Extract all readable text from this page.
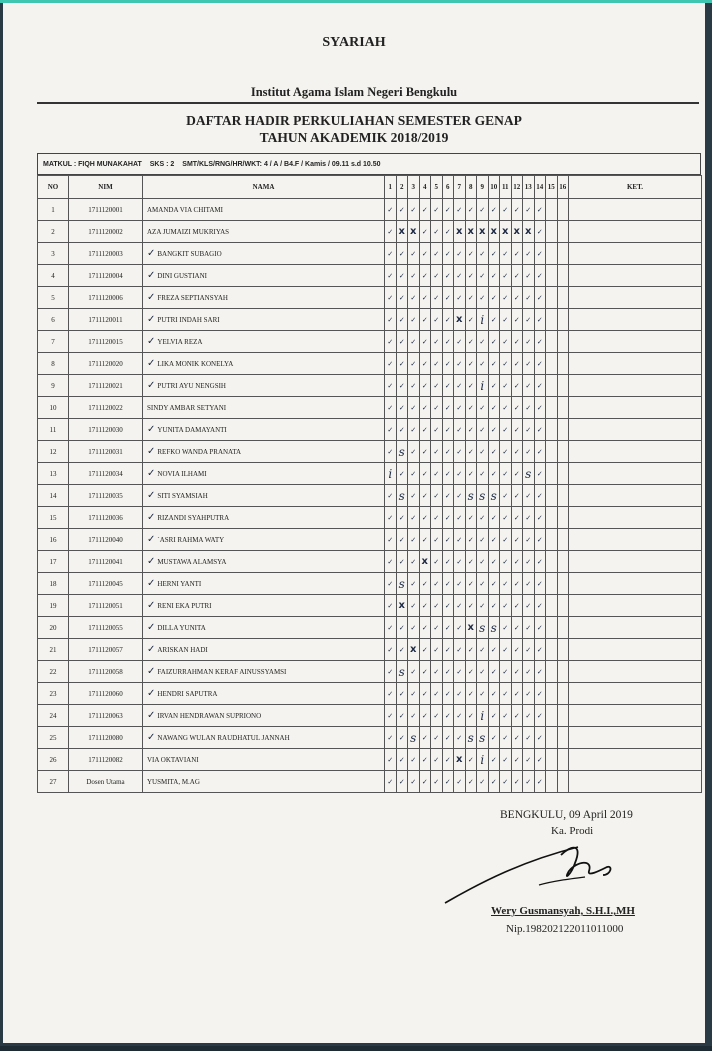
SYARIAH
Institut Agama Islam Negeri Bengkulu
DAFTAR HADIR PERKULIAHAN SEMESTER GENAP
TAHUN AKADEMIK 2018/2019
MATKUL : FIQH MUNAKAHAT SKS : 2 SMT/KLS/RNG/HR/WKT: 4 / A / B4.F / Kamis / 09.11 s.d 10.50
NO	NIM	NAMA	1	2	3	4	5	6	7	8	9	10	11	12	13	14	15	16	KET.
1	1711120001	AMANDA VIA CHITAMI	✓	✓	✓	✓	✓	✓	✓	✓	✓	✓	✓	✓	✓	✓			
2	1711120002	AZA JUMAIZI MUKRIYAS	✓	x	x	✓	✓	✓	x	x	x	x	x	x	x	✓			
3	1711120003	✓ BANGKIT SUBAGIO	✓	✓	✓	✓	✓	✓	✓	✓	✓	✓	✓	✓	✓	✓			
4	1711120004	✓ DINI GUSTIANI	✓	✓	✓	✓	✓	✓	✓	✓	✓	✓	✓	✓	✓	✓			
5	1711120006	✓ FREZA SEPTIANSYAH	✓	✓	✓	✓	✓	✓	✓	✓	✓	✓	✓	✓	✓	✓			
6	1711120011	✓ PUTRI INDAH SARI	✓	✓	✓	✓	✓	✓	x	✓	i	✓	✓	✓	✓	✓			
7	1711120015	✓ YELVIA REZA	✓	✓	✓	✓	✓	✓	✓	✓	✓	✓	✓	✓	✓	✓			
8	1711120020	✓ LIKA MONIK KONELYA	✓	✓	✓	✓	✓	✓	✓	✓	✓	✓	✓	✓	✓	✓			
9	1711120021	✓ PUTRI AYU NENGSIH	✓	✓	✓	✓	✓	✓	✓	✓	i	✓	✓	✓	✓	✓			
10	1711120022	SINDY AMBAR SETYANI	✓	✓	✓	✓	✓	✓	✓	✓	✓	✓	✓	✓	✓	✓			
11	1711120030	✓ YUNITA DAMAYANTI	✓	✓	✓	✓	✓	✓	✓	✓	✓	✓	✓	✓	✓	✓			
12	1711120031	✓ REFKO WANDA PRANATA	✓	s	✓	✓	✓	✓	✓	✓	✓	✓	✓	✓	✓	✓			
13	1711120034	✓ NOVIA ILHAMI	i	✓	✓	✓	✓	✓	✓	✓	✓	✓	✓	✓	s	✓			
14	1711120035	✓ SITI SYAMSIAH	✓	s	✓	✓	✓	✓	✓	s	s	s	✓	✓	✓	✓			
15	1711120036	✓ RIZANDI SYAHPUTRA	✓	✓	✓	✓	✓	✓	✓	✓	✓	✓	✓	✓	✓	✓			
16	1711120040	✓ `ASRI RAHMA WATY	✓	✓	✓	✓	✓	✓	✓	✓	✓	✓	✓	✓	✓	✓			
17	1711120041	✓ MUSTAWA ALAMSYA	✓	✓	✓	x	✓	✓	✓	✓	✓	✓	✓	✓	✓	✓			
18	1711120045	✓ HERNI YANTI	✓	s	✓	✓	✓	✓	✓	✓	✓	✓	✓	✓	✓	✓			
19	1711120051	✓ RENI EKA PUTRI	✓	x	✓	✓	✓	✓	✓	✓	✓	✓	✓	✓	✓	✓			
20	1711120055	✓ DILLA YUNITA	✓	✓	✓	✓	✓	✓	✓	x	s	s	✓	✓	✓	✓			
21	1711120057	✓ ARISKAN HADI	✓	✓	x	✓	✓	✓	✓	✓	✓	✓	✓	✓	✓	✓			
22	1711120058	✓ FAIZURRAHMAN KERAF AINUSSYAMSI	✓	s	✓	✓	✓	✓	✓	✓	✓	✓	✓	✓	✓	✓			
23	1711120060	✓ HENDRI SAPUTRA	✓	✓	✓	✓	✓	✓	✓	✓	✓	✓	✓	✓	✓	✓			
24	1711120063	✓ IRVAN HENDRAWAN SUPRIONO	✓	✓	✓	✓	✓	✓	✓	✓	i	✓	✓	✓	✓	✓			
25	1711120080	✓ NAWANG WULAN RAUDHATUL JANNAH	✓	✓	s	✓	✓	✓	✓	s	s	✓	✓	✓	✓	✓			
26	1711120082	VIA OKTAVIANI	✓	✓	✓	✓	✓	✓	x	✓	i	✓	✓	✓	✓	✓			
27	Dosen Utama	YUSMITA, M.AG	✓	✓	✓	✓	✓	✓	✓	✓	✓	✓	✓	✓	✓	✓			
BENGKULU, 09 April 2019
Ka. Prodi
Wery Gusmansyah, S.H.I.,MH
Nip.198202122011011000
